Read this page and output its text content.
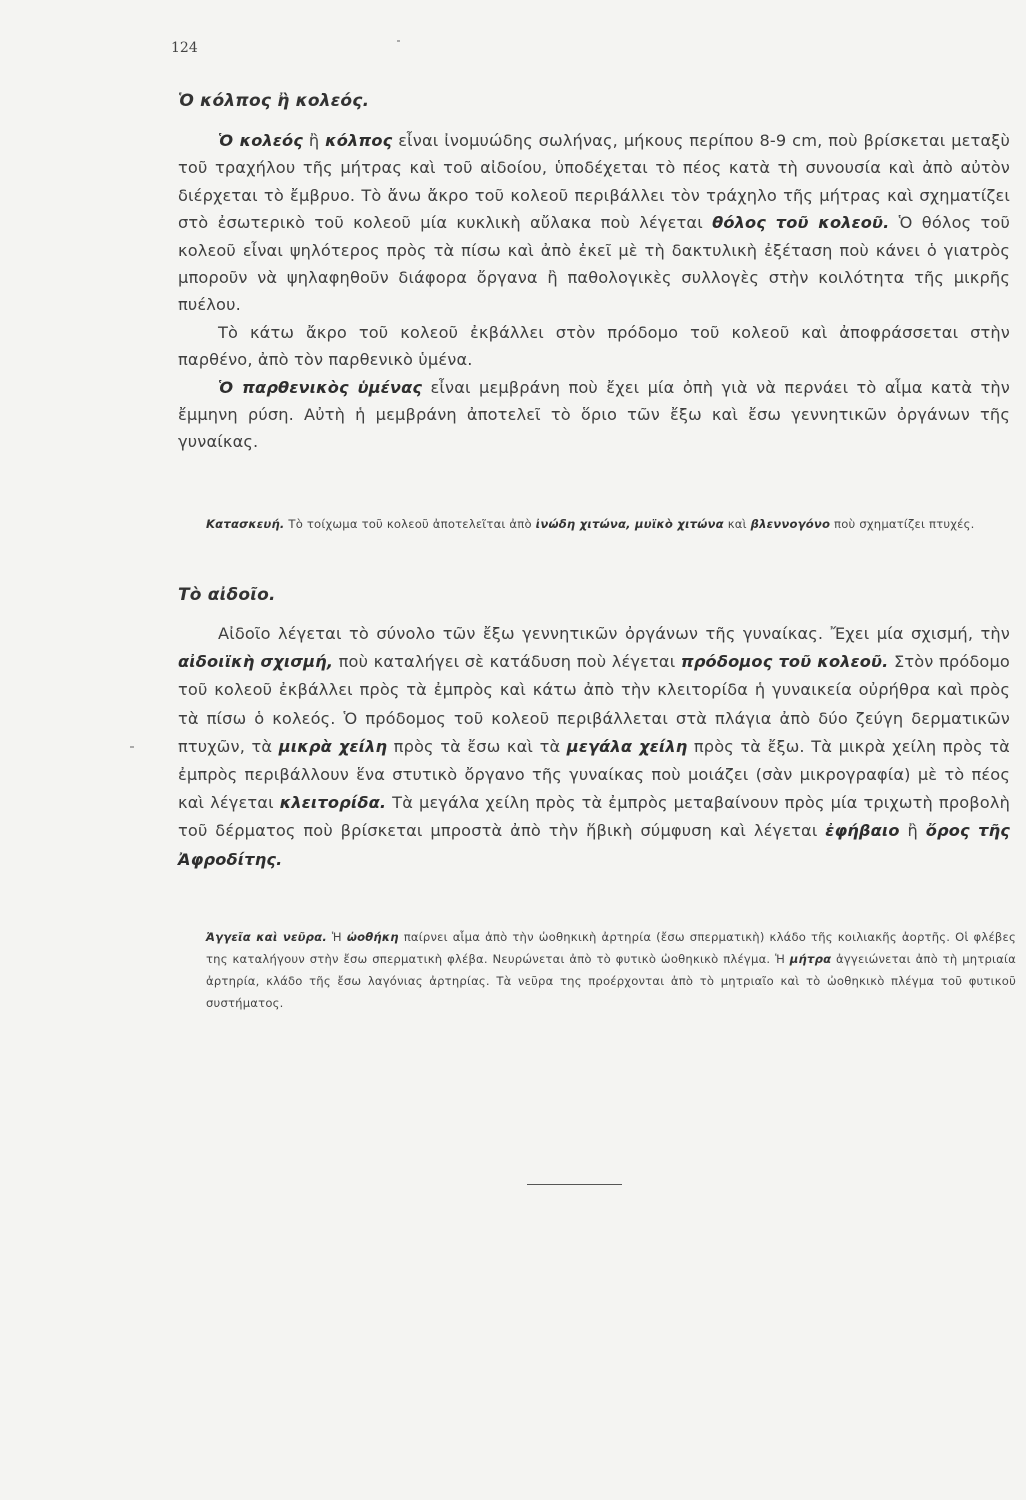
124
Ὁ κόλπος ἢ κολεός.

Ὁ κολεός ἢ κόλπος εἶναι ἰνομυώδης σωλήνας, μήκους περίπου 8-9 cm, ποὺ βρίσκεται μεταξὺ τοῦ τραχήλου τῆς μήτρας καὶ τοῦ αἰδοίου, ὑποδέχεται τὸ πέος κατὰ τὴ συνουσία καὶ ἀπὸ αὐτὸν διέρχεται τὸ ἔμβρυο. Τὸ ἄνω ἄκρο τοῦ κολεοῦ περιβάλλει τὸν τράχηλο τῆς μήτρας καὶ σχηματίζει στὸ ἐσωτερικὸ τοῦ κολεοῦ μία κυκλικὴ αὔλακα ποὺ λέγεται θόλος τοῦ κολεοῦ. Ὁ θόλος τοῦ κολεοῦ εἶναι ψηλότερος πρὸς τὰ πίσω καὶ ἀπὸ ἐκεῖ μὲ τὴ δακτυλικὴ ἐξέταση ποὺ κάνει ὁ γιατρὸς μποροῦν νὰ ψηλαφηθοῦν διάφορα ὄργανα ἢ παθολογικὲς συλλογὲς στὴν κοιλότητα τῆς μικρῆς πυέλου.

Τὸ κάτω ἄκρο τοῦ κολεοῦ ἐκβάλλει στὸν πρόδομο τοῦ κολεοῦ καὶ ἀποφράσσεται στὴν παρθένο, ἀπὸ τὸν παρθενικὸ ὑμένα.

Ὁ παρθενικὸς ὑμένας εἶναι μεμβράνη ποὺ ἔχει μία ὀπὴ γιὰ νὰ περνάει τὸ αἷμα κατὰ τὴν ἔμμηνη ρύση. Αὐτὴ ἡ μεμβράνη ἀποτελεῖ τὸ ὅριο τῶν ἔξω καὶ ἔσω γεννητικῶν ὀργάνων τῆς γυναίκας.

Κατασκευή. Τὸ τοίχωμα τοῦ κολεοῦ ἀποτελεῖται ἀπὸ ἰνώδη χιτώνα, μυϊκὸ χιτώνα καὶ βλεννογόνο ποὺ σχηματίζει πτυχές.
Τὸ αἰδοῖο.

Αἰδοῖο λέγεται τὸ σύνολο τῶν ἔξω γεννητικῶν ὀργάνων τῆς γυναίκας. Ἔχει μία σχισμή, τὴν αἰδοιϊκὴ σχισμή, ποὺ καταλήγει σὲ κατάδυση ποὺ λέγεται πρόδομος τοῦ κολεοῦ. Στὸν πρόδομο τοῦ κολεοῦ ἐκβάλλει πρὸς τὰ ἐμπρὸς καὶ κάτω ἀπὸ τὴν κλειτορίδα ἡ γυναικεία οὐρήθρα καὶ πρὸς τὰ πίσω ὁ κολεός. Ὁ πρόδομος τοῦ κολεοῦ περιβάλλεται στὰ πλάγια ἀπὸ δύο ζεύγη δερματικῶν πτυχῶν, τὰ μικρὰ χείλη πρὸς τὰ ἔσω καὶ τὰ μεγάλα χείλη πρὸς τὰ ἔξω. Τὰ μικρὰ χείλη πρὸς τὰ ἐμπρὸς περιβάλλουν ἕνα στυτικὸ ὄργανο τῆς γυναίκας ποὺ μοιάζει (σὰν μικρογραφία) μὲ τὸ πέος καὶ λέγεται κλειτορίδα. Τὰ μεγάλα χείλη πρὸς τὰ ἐμπρὸς μεταβαίνουν πρὸς μία τριχωτὴ προβολὴ τοῦ δέρματος ποὺ βρίσκεται μπροστὰ ἀπὸ τὴν ἥβικὴ σύμφυση καὶ λέγεται ἐφήβαιο ἢ ὄρος τῆς Ἀφροδίτης.

Ἀγγεῖα καὶ νεῦρα. Ἡ ὠοθήκη παίρνει αἷμα ἀπὸ τὴν ὠοθηκικὴ ἀρτηρία (ἔσω σπερματικὴ) κλάδο τῆς κοιλιακῆς ἀορτῆς. Οἱ φλέβες της καταλήγουν στὴν ἔσω σπερματικὴ φλέβα. Νευρώνεται ἀπὸ τὸ φυτικὸ ὠοθηκικὸ πλέγμα. Ἡ μήτρα ἀγγειώνεται ἀπὸ τὴ μητριαία ἀρτηρία, κλάδο τῆς ἔσω λαγόνιας ἀρτηρίας. Τὰ νεῦρα της προέρχονται ἀπὸ τὸ μητριαῖο καὶ τὸ ὠοθηκικὸ πλέγμα τοῦ φυτικοῦ συστήματος.
